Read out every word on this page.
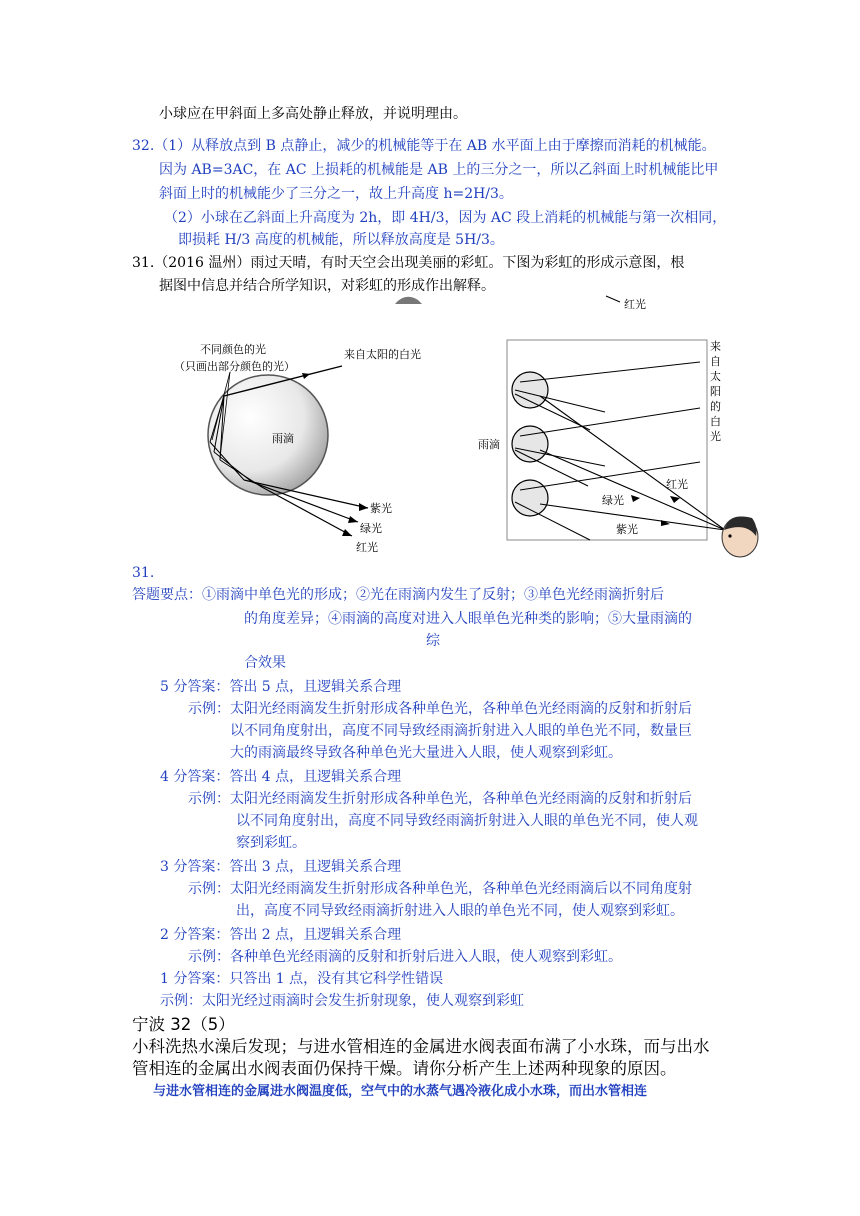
小球应在甲斜面上多高处静止释放，并说明理由。
32.（1）从释放点到 B 点静止，减少的机械能等于在 AB 水平面上由于摩擦而消耗的机械能。
因为 AB=3AC，在 AC 上损耗的机械能是 AB 上的三分之一，所以乙斜面上时机械能比甲
斜面上时的机械能少了三分之一，故上升高度 h=2H/3。
（2）小球在乙斜面上升高度为 2h，即 4H/3，因为 AC 段上消耗的机械能与第一次相同，
即损耗 H/3 高度的机械能，所以释放高度是 5H/3。
31.（2016 温州）雨过天晴，有时天空会出现美丽的彩虹。下图为彩虹的形成示意图，根
据图中信息并结合所学知识，对彩虹的形成作出解释。
不同颜色的光
（只画出部分颜色的光）
来自太阳的白光
雨滴
紫光
绿光
红光
红光
雨滴
红光
绿光
紫光
来
自
太
阳
的
白
光
31.
答题要点：①雨滴中单色光的形成；②光在雨滴内发生了反射；③单色光经雨滴折射后
的角度差异；④雨滴的高度对进入人眼单色光种类的影响；⑤大量雨滴的
综
合效果
5 分答案：答出 5 点，且逻辑关系合理
示例：太阳光经雨滴发生折射形成各种单色光，各种单色光经雨滴的反射和折射后
以不同角度射出，高度不同导致经雨滴折射进入人眼的单色光不同，数量巨
大的雨滴最终导致各种单色光大量进入人眼，使人观察到彩虹。
4 分答案：答出 4 点，且逻辑关系合理
示例：太阳光经雨滴发生折射形成各种单色光，各种单色光经雨滴的反射和折射后
以不同角度射出，高度不同导致经雨滴折射进入人眼的单色光不同，使人观
察到彩虹。
3 分答案：答出 3 点，且逻辑关系合理
示例：太阳光经雨滴发生折射形成各种单色光，各种单色光经雨滴后以不同角度射
出，高度不同导致经雨滴折射进入人眼的单色光不同，使人观察到彩虹。
2 分答案：答出 2 点，且逻辑关系合理
示例：各种单色光经雨滴的反射和折射后进入人眼，使人观察到彩虹。
1 分答案：只答出 1 点，没有其它科学性错误
示例：太阳光经过雨滴时会发生折射现象，使人观察到彩虹
宁波 32（5）
小科洗热水澡后发现；与进水管相连的金属进水阀表面布满了小水珠，而与出水
管相连的金属出水阀表面仍保持干燥。请你分析产生上述两种现象的原因。
与进水管相连的金属进水阀温度低，空气中的水蒸气遇冷液化成小水珠，而出水管相连
